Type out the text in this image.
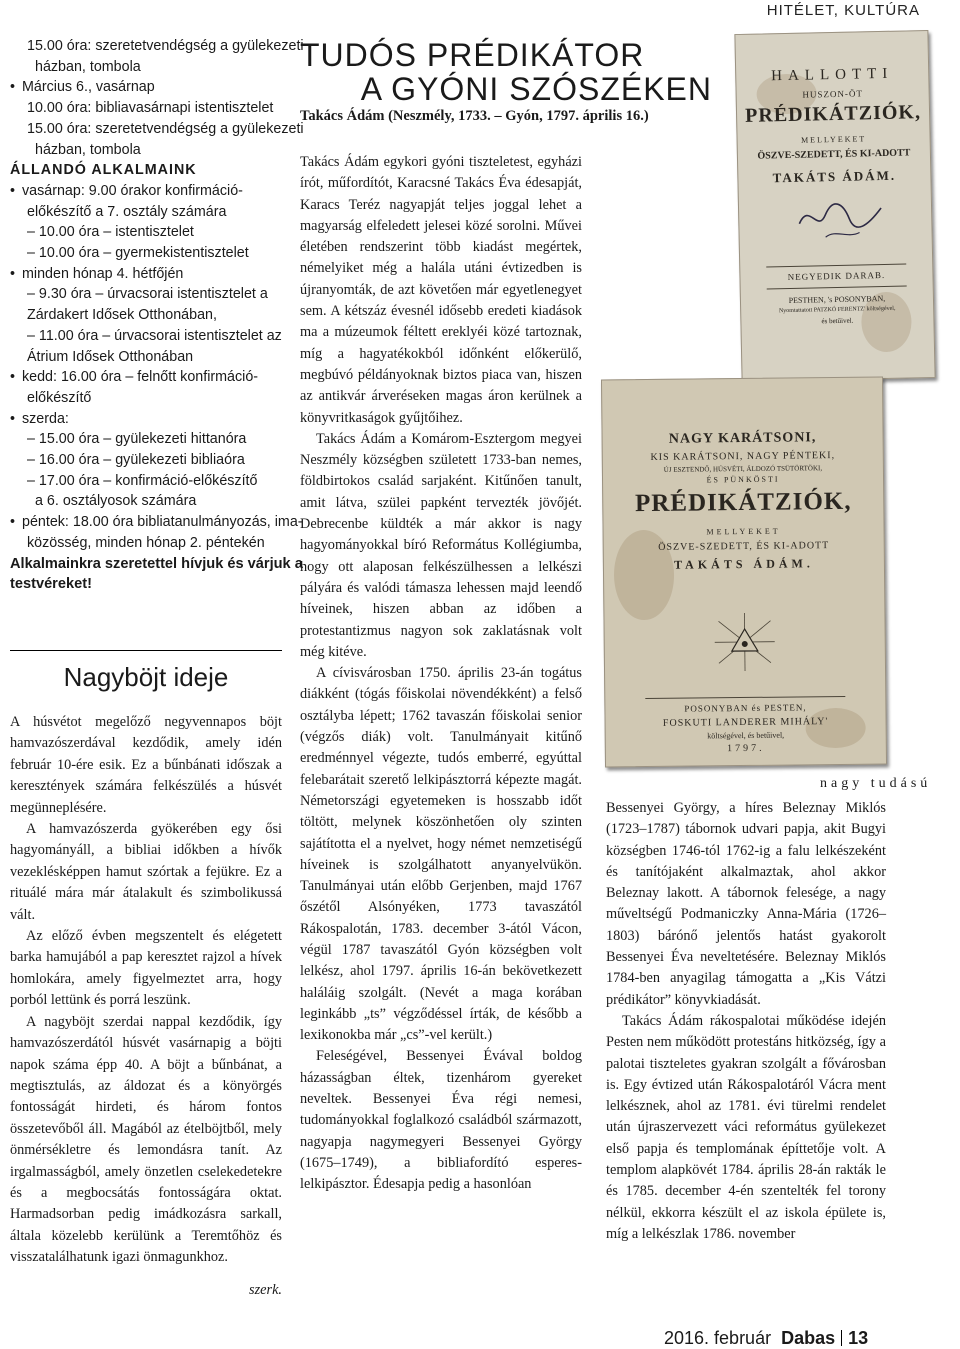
HITÉLET, KULTÚRA
15.00 óra: szeretetvendégség a gyülekezeti
házban, tombola
• Március 6., vasárnap
10.00 óra: bibliavasárnapi istentisztelet
15.00 óra: szeretetvendégség a gyülekezeti
házban, tombola
ÁLLANDÓ ALKALMAINK
• vasárnap: 9.00 órakor konfirmáció-
előkészítő a 7. osztály számára
– 10.00 óra – istentisztelet
– 10.00 óra – gyermekistentisztelet
• minden hónap 4. hétfőjén
– 9.30 óra – úrvacsorai istentisztelet a
Zárdakert Idősek Otthonában,
– 11.00 óra – úrvacsorai istentisztelet az
Átrium Idősek Otthonában
• kedd: 16.00 óra – felnőtt konfirmáció-
előkészítő
• szerda:
– 15.00 óra – gyülekezeti hittanóra
– 16.00 óra – gyülekezeti bibliaóra
– 17.00 óra – konfirmáció-előkészítő
a 6. osztályosok számára
• péntek: 18.00 óra bibliatanulmányozás, ima-
közösség, minden hónap 2. péntekén
Alkalmainkra szeretettel hívjuk és várjuk a
testvéreket!
Nagyböjt ideje

A húsvétot megelőző negyvennapos böjt hamvazószerdával kezdődik, amely idén február 10-ére esik. Ez a bűnbánati időszak a keresztények számára felkészülés a húsvét megünneplésére.

A hamvazószerda gyökerében egy ősi hagyományáll, a bibliai időkben a hívők vezeklésképpen hamut szórtak a fejükre. Ez a rituálé mára már átalakult és szimbolikussá vált.

Az előző évben megszentelt és elégetett barka hamujából a pap keresztet rajzol a hívek homlokára, amely figyelmeztet arra, hogy porból lettünk és porrá leszünk.

A nagyböjt szerdai nappal kezdődik, így hamvazószerdától húsvét vasárnapig a böjti napok száma épp 40. A böjt a bűnbánat, a megtisztulás, az áldozat és a könyörgés fontosságát hirdeti, és három fontos összetevőből áll. Magából az ételböjtből, mely önmérsékletre és lemondásra tanít. Az irgalmasságból, amely önzetlen cselekedetekre és a megbocsátás fontosságára oktat. Harmadsorban pedig imádkozásra sarkall, általa közelebb kerülünk a Teremtőhöz és visszatalálhatunk igazi önmagunkhoz.

szerk.
TUDÓS PRÉDIKÁTOR
A GYÓNI SZÓSZÉKEN
Takács Ádám (Neszmély, 1733. – Gyón, 1797. április 16.)

Takács Ádám egykori gyóni tiszteletest, egyházi írót, műfordítót, Karacsné Takács Éva édesapját, Karacs Teréz nagyapját teljes joggal lehet a magyarság elfeledett jelesei közé sorolni. Művei életében rendszerint több kiadást megértek, némelyiket még a halála utáni évtizedben is újranyomták, de azt követően már egyetlenegyet sem. A kétszáz évesnél idősebb eredeti kiadások ma a múzeumok féltett ereklyéi közé tartoznak, míg a hagyatékokból időnként előkerülő, megbúvó példányoknak biztos piaca van, hiszen az antikvár árveréseken magas áron kerülnek a könyvritkaságok gyűjtőihez.

Takács Ádám a Komárom-Esztergom megyei Neszmély községben született 1733-ban nemes, földbirtokos család sarjaként. Kitűnően tanult, amit látva, szülei papként tervezték jövőjét. Debrecenbe küldték a már akkor is nagy hagyományokkal bíró Református Kollégiumba, hogy ott alaposan felkészülhessen a lelkészi pályára és valódi támasza lehessen majd leendő híveinek, hiszen abban az időben a protestantizmus nagyon sok zaklatásnak volt még kitéve.

A cívisvárosban 1750. április 23-án togátus diákként (tógás főiskolai növendékként) a felső osztályba lépett; 1762 tavaszán főiskolai senior (végzős diák) volt. Tanulmányait kitűnő eredménnyel végezte, tudós emberré, egyúttal felebarátait szerető lelkipásztorrá képezte magát. Németországi egyetemeken is hosszabb időt töltött, melynek köszönhetően oly szinten sajátította el a nyelvet, hogy német nemzetiségű híveinek is szolgálhatott anyanyelvükön. Tanulmányai után előbb Gerjenben, majd 1767 őszétől Alsónyéken, 1773 tavaszától Rákospalotán, 1783. december 3-ától Vácon, végül 1787 tavaszától Gyón községben volt lelkész, ahol 1797. április 16-án bekövetkezett haláláig szolgált. (Nevét a maga korában leginkább „ts” végződéssel írták, de később a lexikonokba már „cs”-vel került.)

Feleségével, Bessenyei Évával boldog házasságban éltek, tizenhárom gyereket neveltek. Bessenyei Éva régi nemesi, tudományokkal foglalkozó családból származott, nagyapja nagymegyeri Bessenyei György (1675–1749), a bibliafordító esperes-lelkipásztor. Édesapja pedig a hasonlóan

HALLOTTI
HUSZON-ÖT
PRÉDIKÁTZIÓK,
MELLYEKET
ÖSZVE-SZEDETT, ÉS KI-ADOTT
TAKÁTS ÁDÁM.
NEGYEDIK DARAB.
PESTHEN, 's POSONYBAN,
Nyomtattatott PATZKÓ FERENTZ' költségével,
és betűivel.
NAGY KARÁTSONI,
KIS KARÁTSONI, NAGY PÉNTEKI,
ÚJ ESZTENDŐ, HÚSVÉTI, ÁLDOZÓ TSÜTÖRTÖKI,
ÉS PÜNKÖSTI
PRÉDIKÁTZIÓK,
MELLYEKET
ÖSZVE-SZEDETT, ÉS KI-ADOTT
TAKÁTS ÁDÁM.
POSONYBAN és PESTEN,
FOSKUTI LANDERER MIHÁLY'
költségével, és betűivel,
1797.
nagy tudású

Bessenyei György, a híres Beleznay Miklós (1723–1787) tábornok udvari papja, akit Bugyi községben 1746-tól 1762-ig a falu lelkészeként és tanítójaként alkalmaztak, ahol akkor Beleznay lakott. A tábornok felesége, a nagy műveltségű Podmaniczky Anna-Mária (1726–1803) bárónő jelentős hatást gyakorolt Bessenyei Éva neveltetésére. Beleznay Miklós 1784-ben anyagilag támogatta a „Kis Vátzi prédikátor” könyvkiadását.

Takács Ádám rákospalotai működése idején Pesten nem működött protestáns hitközség, így a palotai tiszteletes gyakran szolgált a fővárosban is. Egy évtized után Rákospalotáról Vácra ment lelkésznek, ahol az 1781. évi türelmi rendelet után újraszervezett váci református gyülekezet első papja és templomának építtetője volt. A templom alapkövét 1784. április 28-án rakták le és 1785. december 4-én szentelték fel torony nélkül, ekkorra készült el az iskola épülete is, míg a lelkészlak 1786. november

2016. február Dabas 13
